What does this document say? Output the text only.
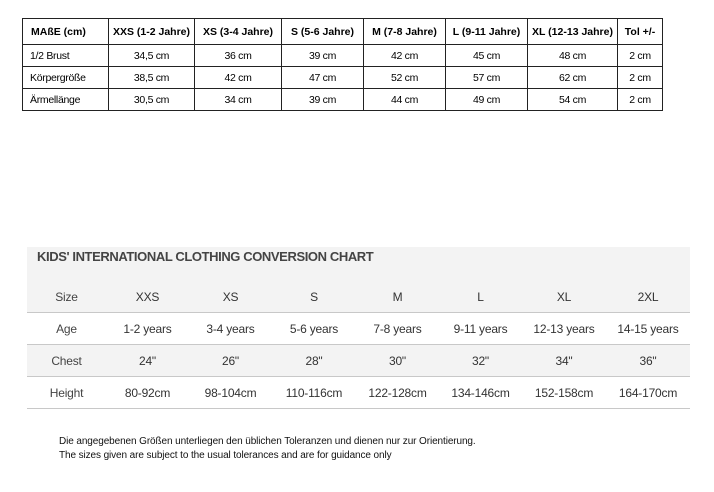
MAßE (cm)	XXS (1-2 Jahre)	XS (3-4 Jahre)	S (5-6 Jahre)	M (7-8 Jahre)	L (9-11 Jahre)	XL (12-13 Jahre)	Tol +/-
1/2 Brust	34,5 cm	36 cm	39 cm	42 cm	45 cm	48 cm	2 cm
Körpergröße	38,5 cm	42 cm	47 cm	52 cm	57 cm	62 cm	2 cm
Ärmellänge	30,5 cm	34 cm	39 cm	44 cm	49 cm	54 cm	2 cm
KIDS' INTERNATIONAL CLOTHING CONVERSION CHART
Size	XXS	XS	S	M	L	XL	2XL
Age	1-2 years	3-4 years	5-6 years	7-8 years	9-11 years	12-13 years	14-15 years
Chest	24"	26"	28"	30"	32"	34"	36"
Height	80-92cm	98-104cm	110-116cm	122-128cm	134-146cm	152-158cm	164-170cm
Die angegebenen Größen unterliegen den üblichen Toleranzen und dienen nur zur Orientierung.
The sizes given are subject to the usual tolerances and are for guidance only
